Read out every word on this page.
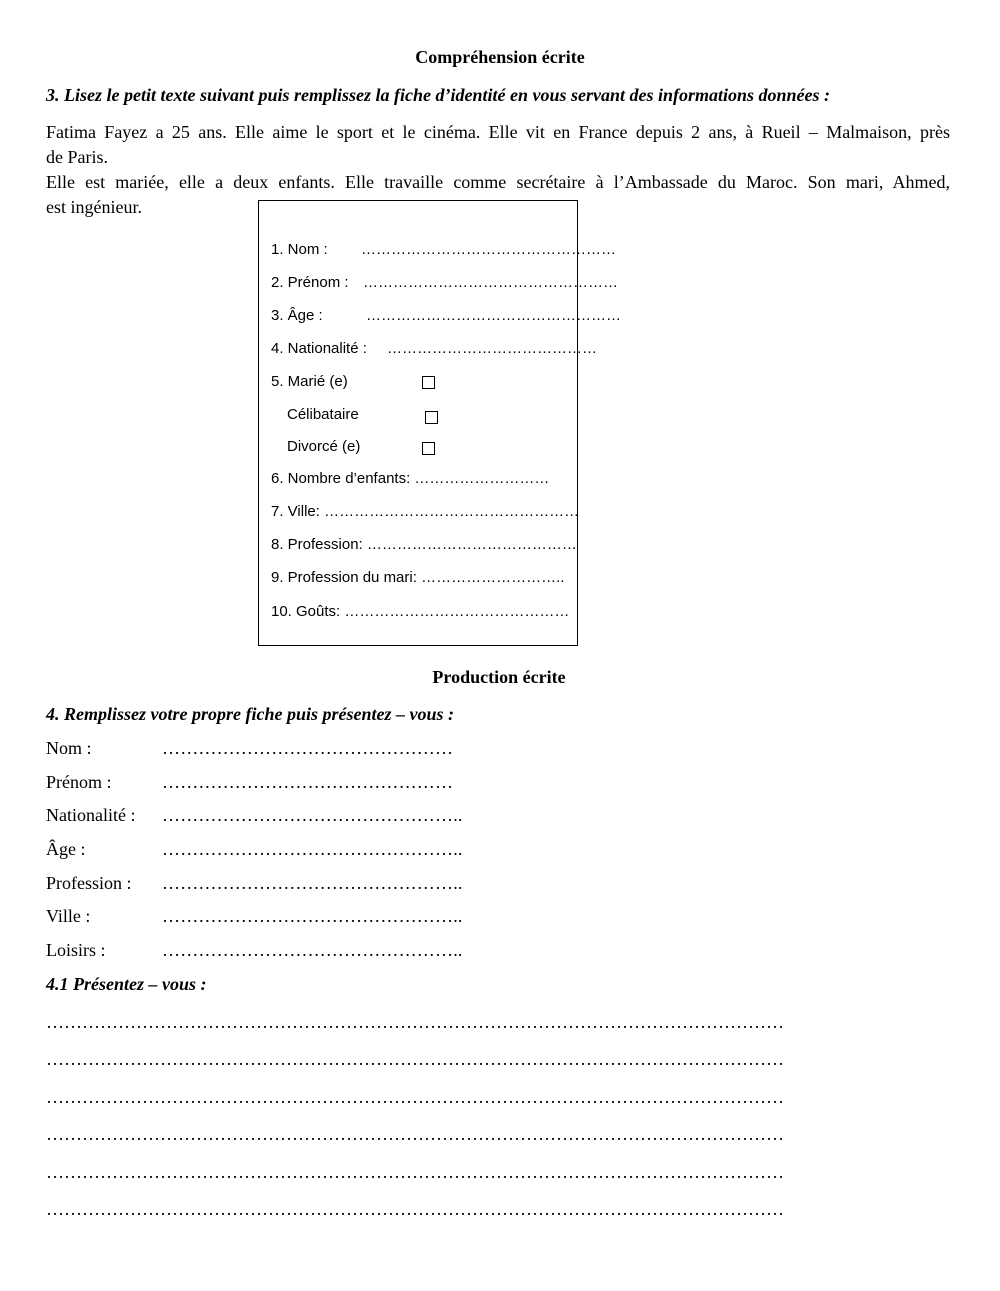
Compréhension écrite
3. Lisez le petit texte suivant puis remplissez la fiche d’identité en vous servant des informations données :
Fatima Fayez a 25 ans. Elle aime le sport et le cinéma. Elle vit en France depuis 2 ans, à Rueil – Malmaison, près
de Paris.
Elle est mariée, elle a deux enfants. Elle travaille comme secrétaire à l’Ambassade du Maroc. Son mari, Ahmed,
est ingénieur.
1. Nom : ……………………………………………
2. Prénom : ……………………………………………
3. Âge :	……………………………………………
4. Nationalité : ……………………………………
5. Marié (e)
Célibataire
Divorcé (e)
6. Nombre d’enfants: ………………………
7. Ville: ……………………………………………
8. Profession: ……………………………………
9. Profession du mari: ………………………..
10. Goûts: ………………………………………
Production écrite
4. Remplissez votre propre fiche puis présentez – vous :
Nom :	…………………………………………
Prénom :	…………………………………………
Nationalité : …………………………………………..
Âge :	…………………………………………..
Profession : …………………………………………..
Ville :	…………………………………………..
Loisirs :	…………………………………………..
4.1 Présentez – vous :
……………………………………………………………………………………………………………
……………………………………………………………………………………………………………
……………………………………………………………………………………………………………
……………………………………………………………………………………………………………
……………………………………………………………………………………………………………
……………………………………………………………………………………………………………
